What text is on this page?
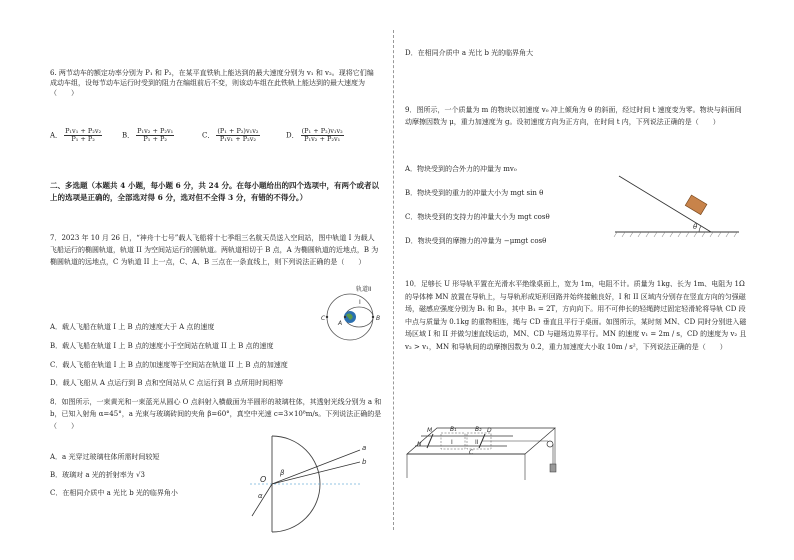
6. 两节动车的额定功率分别为 P₁ 和 P₂，在某平直铁轨上能达到的最大速度分别为 v₁ 和 v₂。现将它们编成动车组，设每节动车运行时受到的阻力在编组前后不变，则该动车组在此铁轨上能达到的最大速度为（　　）
A． $\frac{\text{P₁v₁ + P₂v₂}}{\text{P₁ + P₂}}$	B． $\frac{\text{P₁v₂ + P₂v₁}}{\text{P₁ + P₂}}$	C． $\frac{\text{(P₁ + P₂)v₁v₂}}{\text{P₁v₁ + P₂v₂}}$	D． $\frac{\text{(P₁ + P₂)v₁v₂}}{\text{P₁v₂ + P₂v₁}}$
二、多选题（本题共 4 小题，每小题 6 分，共 24 分。在每小题给出的四个选项中，有两个或者以上的选项是正确的，全部选对得 6 分，选对但不全得 3 分，有错的不得分。）
7．2023 年 10 月 26 日，“神舟十七号”载人飞船将十七季组三名航天员送入空间站，图中轨道 I 为载人飞船运行的椭圆轨道，轨道 II 为空间站运行的圆轨道。两轨道相切于 B 点，A 为椭圆轨道的近地点，B 为椭圆轨道的远地点，C 为轨道 II 上一点，C、A、B 三点在一条直线上，则下列说法正确的是（　　）
轨道II
I
C
A
B
A．载人飞船在轨道 I 上 B 点的速度大于 A 点的速度
B．载人飞船在轨道 I 上 B 点的速度小于空间站在轨道 II 上 B 点的速度
C．载人飞船在轨道 I 上 B 点的加速度等于空间站在轨道 II 上 B 点的加速度
D．载人飞船从 A 点运行到 B 点和空间站从 C 点运行到 B 点所用时间相等
8．如图所示，一束黄光和一束蓝光从圆心 O 点斜射入横截面为半圆形的玻璃柱体，其透射光线分别为 a 和 b，已知入射角 α=45°，a 光束与玻璃砖间的夹角 β=60°，真空中光速 c=3×10⁸m/s。下列说法正确的是（　　）
A．a 光穿过玻璃柱体所需时间较短
B．玻璃对 a 光的折射率为 √3
C．在相同介质中 a 光比 b 光的临界角小
a
b
O
α
β
D．在相同介质中 a 光比 b 光的临界角大
9．图所示，一个质量为 m 的物块以初速度 v₀ 冲上倾角为 θ 的斜面，经过时间 t 速度变为零。物块与斜面间动摩擦因数为 μ，重力加速度为 g。设初速度方向为正方向，在时间 t 内，下列说法正确的是（　　）
A．物块受到的合外力的冲量为 mv₀
B．物块受到的重力的冲量大小为 mgt sin θ
C．物块受到的支持力的冲量大小为 mgt cosθ
D．物块受到的摩擦力的冲量为 −μmgt cosθ
θ
10．足够长 U 形导轨平置在光滑水平绝缘桌面上，宽为 1m，电阻不计。质量为 1kg、长为 1m、电阻为 1Ω 的导体棒 MN 放置在导轨上，与导轨形成矩形回路并始终接触良好，I 和 II 区域内分别存在竖直方向的匀强磁场，磁感应强度分别为 B₁ 和 B₂，其中 B₁ = 2T，方向向下。用不可伸长的轻绳跨过固定轻滑轮将导轨 CD 段中点与质量为 0.1kg 的重物相连，绳与 CD 垂直且平行于桌面。如图所示，某时刻 MN、CD 同时分别进入磁场区域 I 和 II 并做匀速直线运动，MN、CD 与磁场边界平行。MN 的速度 v₁ = 2m / s，CD 的速度为 v₂ 且 v₂ > v₁，MN 和导轨间的动摩擦因数为 0.2，重力加速度大小取 10m / s²，下列说法正确的是（　　）
M
N
B₁	B₂
I	II
C
D
